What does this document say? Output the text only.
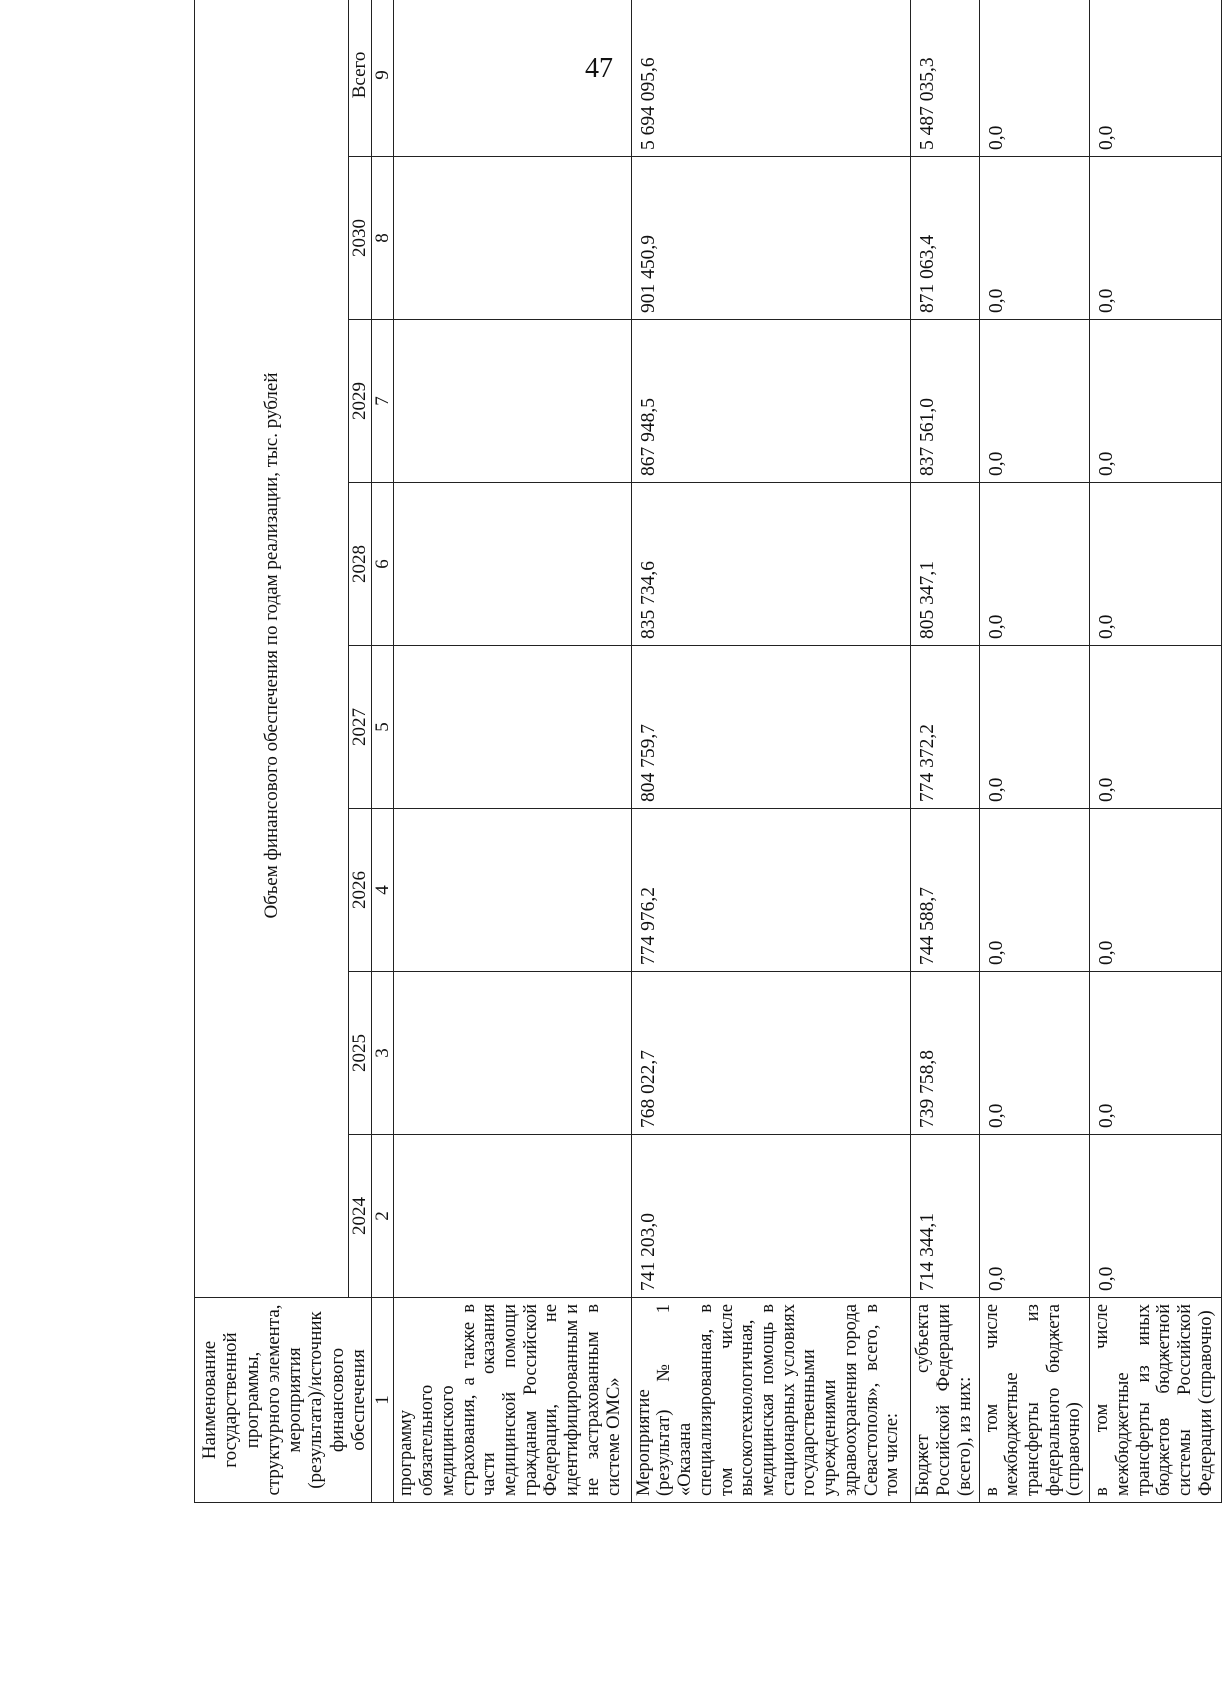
47
Наименование государственной программы, структурного элемента, мероприятия (результата)/источник финансового обеспечения	Объем финансового обеспечения по годам реализации, тыс. рублей							
	2024	2025	2026	2027	2028	2029	2030	Всего
1	2	3	4	5	6	7	8	9
программу обязательного медицинского страхования, а также в части оказания медицинской помощи гражданам Российской Федерации, не идентифицированным и не застрахованным в системе ОМС»								
Мероприятие (результат) № 1 «Оказана специализированная, в том числе высокотехнологичная, медицинская помощь в стационарных условиях государственными учреждениями здравоохранения города Севастополя», всего, в том числе:	741 203,0	768 022,7	774 976,2	804 759,7	835 734,6	867 948,5	901 450,9	5 694 095,6
Бюджет субъекта Российской Федерации (всего), из них:	714 344,1	739 758,8	744 588,7	774 372,2	805 347,1	837 561,0	871 063,4	5 487 035,3
в том числе межбюджетные трансферты из федерального бюджета (справочно)	0,0	0,0	0,0	0,0	0,0	0,0	0,0	0,0
в том числе межбюджетные трансферты из иных бюджетов бюджетной системы Российской Федерации (справочно)	0,0	0,0	0,0	0,0	0,0	0,0	0,0	0,0
